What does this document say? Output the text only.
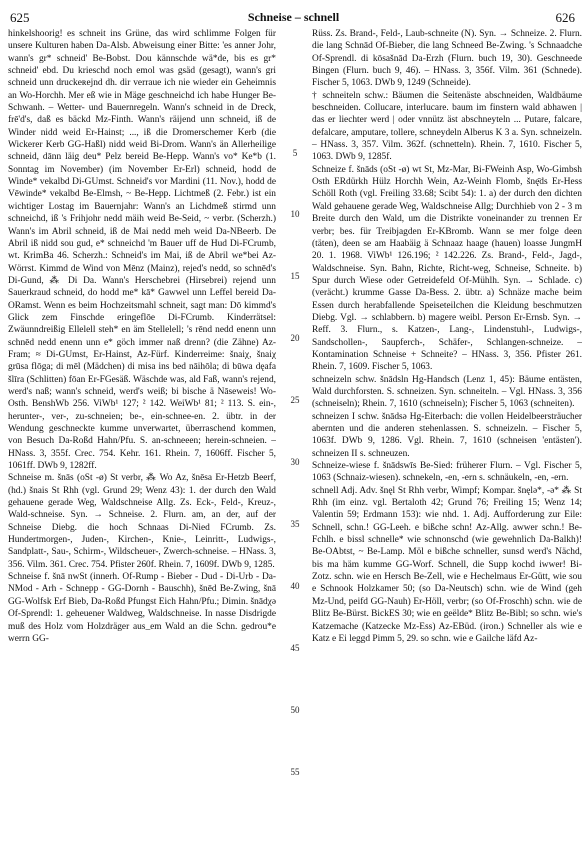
625	Schneise – schnell	626

hinkelshoorig! es schneit ins Grüne, das wird schlimme Folgen für unsere Kulturen haben Da-Alsb. Abweisung einer Bitte: 'es anner Johr, wann's gr* schneid' Be-Bobst. Dou kännschde wä*de, bis es gr* schneid' ebd. Du krieschd noch emol was gsäd (gesagt), wann's gri schneid unn druckeʀejnd dh. dir verraue ich nie wieder ein Geheimnis an Wo-Horchh. Mer eß wie in Mäge geschneichd ich habe Hunger Be-Schwanh. – Wetter- und Bauernregeln. Wann's schneid in de Dreck, frē'd's, daß es bäckd Mz-Finth. Wann's räijend unn schneid, iß de Winder nidd weid Er-Hainst; ..., iß die Dromerschemer Kerb (die Wickerer Kerb GG-Haßl) nidd weid Bi-Drom. Wann's än Allerheilige schneid, dānn läig deu* Pelz bereid Be-Hepp. Wann's vo* Ke*b (1. Sonntag im November) (im November Er-Erl) schneid, hodd de Winde* vekalbd Di-GUmst. Schneid's vor Mardini (11. Nov.), hodd de Vēwinde* vekalbd Be-Elmsh, ~ Be-Hepp. Lichtmeß (2. Febr.) ist ein wichtiger Lostag im Bauernjahr: Wann's an Lichdmeß stirmd unn schneichd, iß 's Frihjohr nedd mäih weid Be-Seid, ~ verbr. (Scherzh.) Wann's im Abril schneid, iß de Mai nedd meh weid Da-NBeerb. De Abril iß nidd sou gud, e* schneichd 'm Bauer uff de Hud Di-FCrumb, wt. KrimBa 46. Scherzh.: Schneid's im Mai, iß de Abril we*bei Az-Wörrst. Kimmd de Wind von Mēnz (Mainz), rejed's nedd, so schnēd's Di-Gund, ⁂ Di Da. Wann's Herschebrei (Hirsebrei) rejend unn Sauerkraud schneid, do hodd me* kā* Gawwel unn Leffel bereid Da-ORamst. Wenn es beim Hochzeitsmahl schneit, sagt man: Dō kimmd's Glick zem Finschde eringeflōe Di-FCrumb. Kinderrätsel: Zwäunndreißig Ellelell steh* en äm Stellelell; 's rēnd nedd enenn unn schnēd nedd enenn unn e* göch immer naß drenn? (die Zähne) Az-Fram; ≈ Di-GUmst, Er-Hainst, Az-Fürf. Kinderreime: šnaiχ, šnaiχ grūsa flōga; di mēl (Mädchen) di misa ins bed nāihōla; di būwa dęafa šlīra (Schlitten) fōan Er-FGesäß. Wäschde was, ald Faß, wann's rejend, werd's naß; wann's schneid, werd's weiß; bi bische ä Nāseweis! Wo-Osth. BenshWb 256. ViWb¹ 127; ² 142. WeiWb¹ 81; ² 113. S. ein-, herunter-, ver-, zu-schneien; be-, ein-schnee-en. 2. übtr. in der Wendung geschneckte kumme unverwartet, überraschend kommen, von Besuch Da-Roßd Hahn/Pfu. S. an-schneeen; herein-schneien. – HNass. 3, 355f. Crec. 754. Kehr. 161. Rhein. 7, 1606ff. Fischer 5, 1061ff. DWb 9, 1282ff.

Schneise m. šnās (oSt -ø) St verbr, ⁂ Wo Az, šnēsa Er-Hetzb Beerf, (hd.) šnais St Rhh (vgl. Grund 29; Wenz 43): 1. der durch den Wald gehauene gerade Weg, Waldschneise Allg. Zs. Eck-, Feld-, Kreuz-, Wald-schneise. Syn. → Schneise. 2. Flurn. am, an der, auf der Schneise Diebg. die hoch Schnaas Di-Nied FCrumb. Zs. Hundertmorgen-, Juden-, Kirchen-, Knie-, Leinritt-, Ludwigs-, Sandplatt-, Sau-, Schirm-, Wildscheuer-, Zwerch-schneise. – HNass. 3, 356. Vilm. 361. Crec. 754. Pfister 260f. Rhein. 7, 1609f. DWb 9, 1285.

Schneise f. šnā nwSt (innerh. Of-Rump - Bieber - Dud - Di-Urb - Da-NMod - Arh - Schnepp - GG-Dornh - Bauschh), šnēd Be-Zwing, šnā GG-Wolfsk Erf Bieb, Da-Roßd Pfungst Eich Hahn/Pfu.; Dimin. šnādχə Of-Sprendl: 1. geheuener Waldweg, Waldschneise. In nasse Disdrigde muß des Holz vom Holzdräger aus_em Wald an die Schn. gedrou*e werrn GG-

5
10
15
20
25
30
35
40
45
50
55

Rüss. Zs. Brand-, Feld-, Laub-schneite (N). Syn. → Schneize. 2. Flurn. die lang Schnād Of-Bieber, die lang Schneed Be-Zwing. 's Schnaadche Of-Sprendl. di kōsašnād Da-Erzh (Flurn. buch 19, 30). Geschneede Bingen (Flurn. buch 9, 46). – HNass. 3, 356f. Vilm. 361 (Schnede). Fischer 5, 1063. DWb 9, 1249 (Schneide).

† schneiteln schw.: Bäumen die Seitenäste abschneiden, Waldbäume beschneiden. Collucare, interlucare. baum im finstern wald abhawen | das er liechter werd | oder vnnütz äst abschneyteln ... Putare, falcare, defalcare, amputare, tollere, schneydeln Alberus K 3 a. Syn. schneizeln. – HNass. 3, 357. Vilm. 362f. (schnetteln). Rhein. 7, 1610. Fischer 5, 1063. DWb 9, 1285f.

Schneize f. šnāds (oSt -ø) wt St, Mz-Mar, Bi-FWeinh Asp, Wo-Gimbsh Osth ERdürkh Hülz Horchh Wein, Az-Weinh Flomb, šnę̄ds Er-Hess Schöll Roth (vgl. Freiling 33.68; Scibt 54): 1. a) der durch den dichten Wald gehauene gerade Weg, Waldschneise Allg; Durchhieb von 2 - 3 m Breite durch den Wald, um die Distrikte voneinander zu trennen Er verbr; bes. für Treibjagden Er-KBromb. Wann se mer folge deen (täten), deen se am Haabäig ä Schnaaz haage (hauen) loasse JungmH 20. 1. 1968. ViWb¹ 126.196; ² 142.226. Zs. Brand-, Feld-, Jagd-, Waldschneise. Syn. Bahn, Richte, Richt-weg, Schneise, Schneite. b) Spur durch Wiese oder Getreidefeld Of-Mühlh. Syn. → Schlade. c) (verächt.) krumme Gasse Da-Bess. 2. übtr. a) Schnäze mache beim Essen durch herabfallende Speiseteilchen die Kleidung beschmutzen Diebg. Vgl. → schlabbern. b) magere weibl. Person Er-Ernsb. Syn. → Reff. 3. Flurn., s. Katzen-, Lang-, Lindenstuhl-, Ludwigs-, Sandschollen-, Saupferch-, Schäfer-, Schlangen-schneize. – Kontamination Schneise + Schneite? – HNass. 3, 356. Pfister 261. Rhein. 7, 1609. Fischer 5, 1063.

schneizeln schw. šnādsln Hg-Handsch (Lenz 1, 45): Bäume entästen, Wald durchforsten. S. schneizen. Syn. schneiteln. – Vgl. HNass. 3, 356 (schneiseln); Rhein. 7, 1610 (schneiseln); Fischer 5, 1063 (schneiten).

schneizen I schw. šnādsə Hg-Eiterbach: die vollen Heidelbeersträucher abernten und die anderen stehenlassen. S. schneizeln. – Fischer 5, 1063f. DWb 9, 1286. Vgl. Rhein. 7, 1610 (schneisen 'entästen'). schneizen II s. schneuzen.

Schneize-wiese f. šnādswīs Be-Sied: früherer Flurn. – Vgl. Fischer 5, 1063 (Schnaiz-wiesen). schnekeln, -en, -ern s. schnäukeln, -en, -ern.

schnell Adj. Adv. šnęl St Rhh verbr, Wimpf; Kompar. šnęlə*, -ə* ⁂ St Rhh (im einz. vgl. Bertaloth 42; Grund 76; Freiling 15; Wenz 14; Valentin 59; Erdmann 153): wie nhd. 1. Adj. Aufforderung zur Eile: Schnell, schn.! GG-Leeh. e bißche schn! Az-Allg. awwer schn.! Be-Fchlh. e bissl schnelle* wie schnonschd (wie gewehnlich Da-Balkh)! Be-OAbtst, ~ Be-Lamp. Möl e bißche schneller, sunsd werd's Nächd, bis ma häm kumme GG-Worf. Schnell, die Supp kochd iwwer! Bi-Zotz. schn. wie en Hersch Be-Zell, wie e Hechelmaus Er-Gütt, wie sou e Schnook Holzkamer 50; (so Da-Neutsch) schn. wie de Wind (geh Mz-Und, peifd GG-Nauh) Er-Höll, verbr; (so Of-Froschh) schn. wie de Blitz Be-Bürst. BickES 30; wie en geëlde* Blitz Be-Bibl; so schn. wie's Katzemache (Katzecke Mz-Ess) Az-EBüd. (iron.) Schneller als wie e Katz e Ei leggd Pimm 5, 29. so schn. wie e Gailche läfd Az-
